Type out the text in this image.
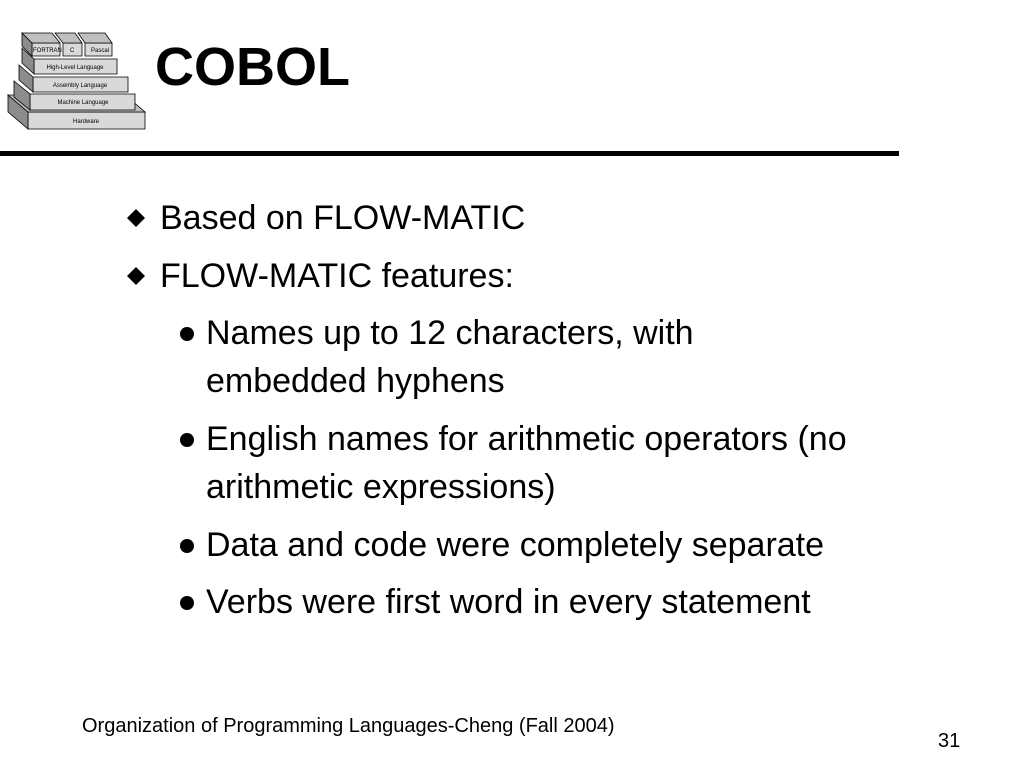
FORTRAN C	Pascal
High-Level Language
Assembly Language
Machine Language
Hardware
COBOL
Based on FLOW-MATIC
FLOW-MATIC features:
Names up to 12 characters, with
embedded hyphens
English names for arithmetic operators (no
arithmetic expressions)
Data and code were completely separate
Verbs were first word in every statement
Organization of Programming Languages-Cheng (Fall 2004)
31
